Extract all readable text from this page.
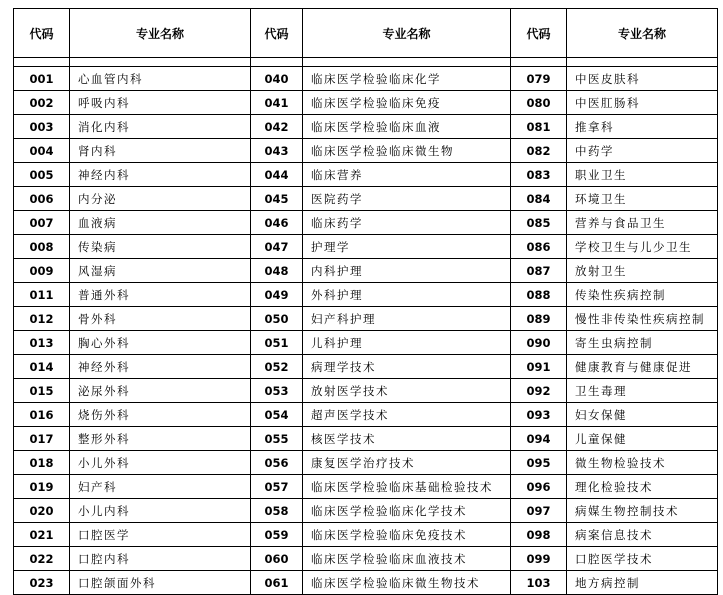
代码	专业名称	代码	专业名称	代码	专业名称

001	心血管内科	040	临床医学检验临床化学	079	中医皮肤科
002	呼吸内科	041	临床医学检验临床免疫	080	中医肛肠科
003	消化内科	042	临床医学检验临床血液	081	推拿科
004	肾内科	043	临床医学检验临床微生物	082	中药学
005	神经内科	044	临床营养	083	职业卫生
006	内分泌	045	医院药学	084	环境卫生
007	血液病	046	临床药学	085	营养与食品卫生
008	传染病	047	护理学	086	学校卫生与儿少卫生
009	风湿病	048	内科护理	087	放射卫生
011	普通外科	049	外科护理	088	传染性疾病控制
012	骨外科	050	妇产科护理	089	慢性非传染性疾病控制
013	胸心外科	051	儿科护理	090	寄生虫病控制
014	神经外科	052	病理学技术	091	健康教育与健康促进
015	泌尿外科	053	放射医学技术	092	卫生毒理
016	烧伤外科	054	超声医学技术	093	妇女保健
017	整形外科	055	核医学技术	094	儿童保健
018	小儿外科	056	康复医学治疗技术	095	微生物检验技术
019	妇产科	057	临床医学检验临床基础检验技术	096	理化检验技术
020	小儿内科	058	临床医学检验临床化学技术	097	病媒生物控制技术
021	口腔医学	059	临床医学检验临床免疫技术	098	病案信息技术
022	口腔内科	060	临床医学检验临床血液技术	099	口腔医学技术
023	口腔颌面外科	061	临床医学检验临床微生物技术	103	地方病控制
